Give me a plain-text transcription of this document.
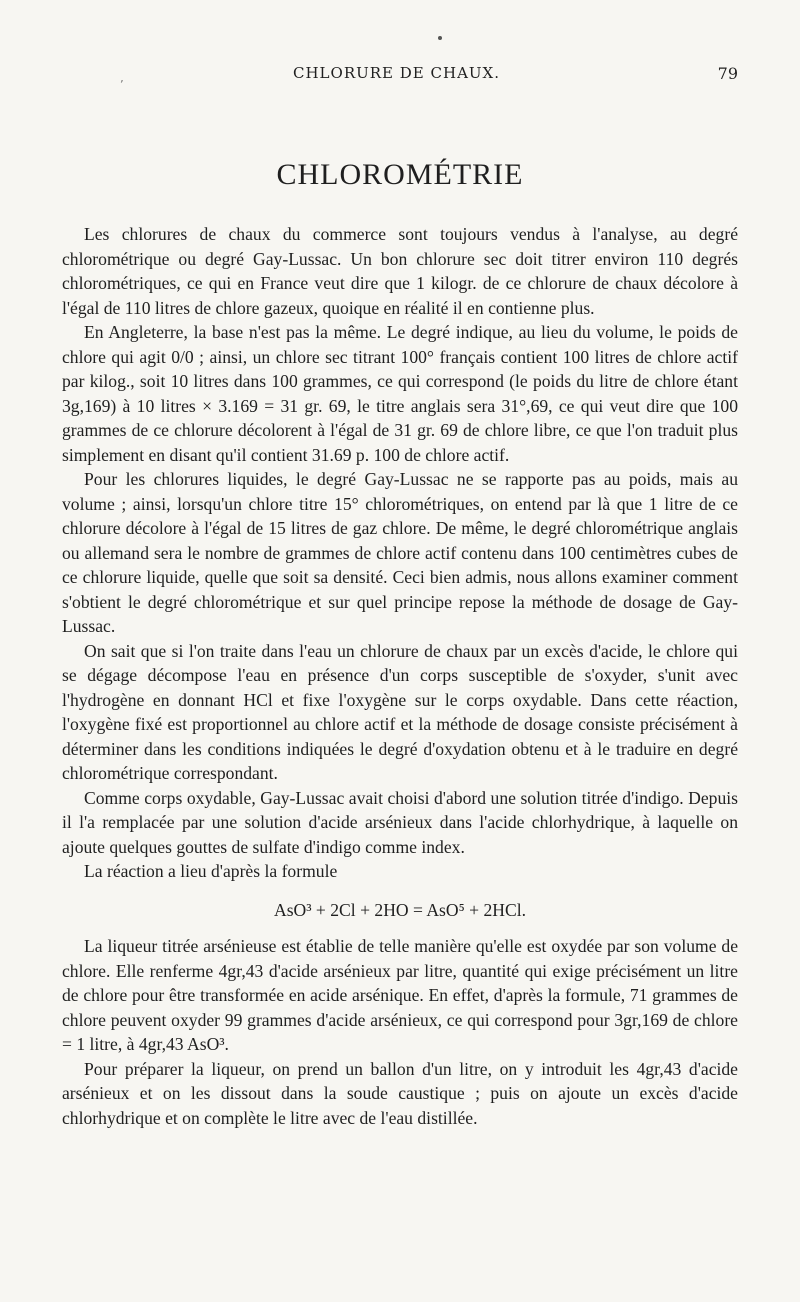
’
CHLORURE DE CHAUX.	79
CHLOROMÉTRIE

Les chlorures de chaux du commerce sont toujours vendus à l'analyse, au degré chlorométrique ou degré Gay-Lussac. Un bon chlorure sec doit titrer environ 110 degrés chlorométriques, ce qui en France veut dire que 1 kilogr. de ce chlorure de chaux décolore à l'égal de 110 litres de chlore gazeux, quoique en réalité il en contienne plus.

En Angleterre, la base n'est pas la même. Le degré indique, au lieu du volume, le poids de chlore qui agit 0/0 ; ainsi, un chlore sec titrant 100° français contient 100 litres de chlore actif par kilog., soit 10 litres dans 100 grammes, ce qui correspond (le poids du litre de chlore étant 3g,169) à 10 litres × 3.169 = 31 gr. 69, le titre anglais sera 31°,69, ce qui veut dire que 100 grammes de ce chlorure décolorent à l'égal de 31 gr. 69 de chlore libre, ce que l'on traduit plus simplement en disant qu'il contient 31.69 p. 100 de chlore actif.

Pour les chlorures liquides, le degré Gay-Lussac ne se rapporte pas au poids, mais au volume ; ainsi, lorsqu'un chlore titre 15° chlorométriques, on entend par là que 1 litre de ce chlorure décolore à l'égal de 15 litres de gaz chlore. De même, le degré chlorométrique anglais ou allemand sera le nombre de grammes de chlore actif contenu dans 100 centimètres cubes de ce chlorure liquide, quelle que soit sa densité. Ceci bien admis, nous allons examiner comment s'obtient le degré chlorométrique et sur quel principe repose la méthode de dosage de Gay-Lussac.

On sait que si l'on traite dans l'eau un chlorure de chaux par un excès d'acide, le chlore qui se dégage décompose l'eau en présence d'un corps susceptible de s'oxyder, s'unit avec l'hydrogène en donnant HCl et fixe l'oxygène sur le corps oxydable. Dans cette réaction, l'oxygène fixé est proportionnel au chlore actif et la méthode de dosage consiste précisément à déterminer dans les conditions indiquées le degré d'oxydation obtenu et à le traduire en degré chlorométrique correspondant.

Comme corps oxydable, Gay-Lussac avait choisi d'abord une solution titrée d'indigo. Depuis il l'a remplacée par une solution d'acide arsénieux dans l'acide chlorhydrique, à laquelle on ajoute quelques gouttes de sulfate d'indigo comme index.

La réaction a lieu d'après la formule

AsO³ + 2Cl + 2HO = AsO⁵ + 2HCl.

La liqueur titrée arsénieuse est établie de telle manière qu'elle est oxydée par son volume de chlore. Elle renferme 4gr,43 d'acide arsénieux par litre, quantité qui exige précisément un litre de chlore pour être transformée en acide arsénique. En effet, d'après la formule, 71 grammes de chlore peuvent oxyder 99 grammes d'acide arsénieux, ce qui correspond pour 3gr,169 de chlore = 1 litre, à 4gr,43 AsO³.

Pour préparer la liqueur, on prend un ballon d'un litre, on y introduit les 4gr,43 d'acide arsénieux et on les dissout dans la soude caustique ; puis on ajoute un excès d'acide chlorhydrique et on complète le litre avec de l'eau distillée.
